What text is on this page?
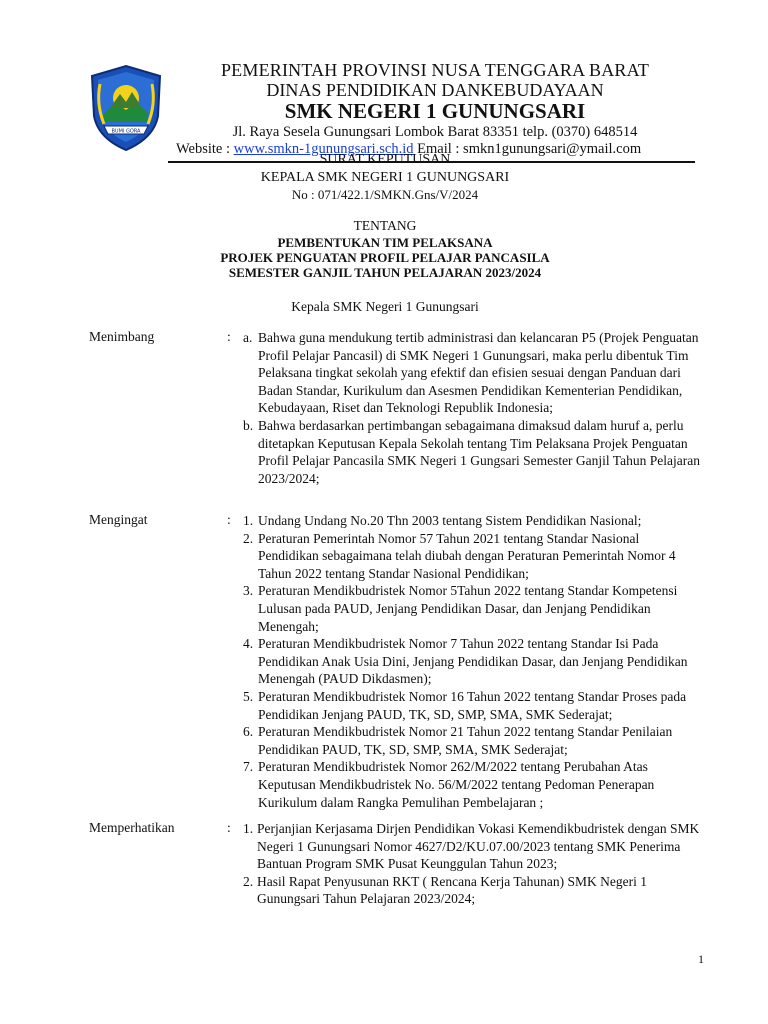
BUMI GORA
PEMERINTAH PROVINSI NUSA TENGGARA BARAT
DINAS PENDIDIKAN DANKEBUDAYAAN
SMK NEGERI 1 GUNUNGSARI
Jl. Raya Sesela Gunungsari Lombok Barat 83351 telp. (0370) 648514
Website : www.smkn-1gunungsari.sch.id Email : smkn1gunungsari@ymail.com
SURAT KEPUTUSAN
KEPALA SMK NEGERI 1 GUNUNGSARI
No : 071/422.1/SMKN.Gns/V/2024
TENTANG
PEMBENTUKAN TIM PELAKSANA
PROJEK PENGUATAN PROFIL PELAJAR PANCASILA
SEMESTER GANJIL TAHUN PELAJARAN 2023/2024
Kepala SMK Negeri 1 Gunungsari
Menimbang	: a. Bahwa guna mendukung tertib administrasi dan kelancaran P5 (Projek Penguatan Profil Pelajar Pancasil) di SMK Negeri 1 Gunungsari, maka perlu dibentuk Tim Pelaksana tingkat sekolah yang efektif dan efisien sesuai dengan Panduan dari Badan Standar, Kurikulum dan Asesmen Pendidikan Kementerian Pendidikan, Kebudayaan, Riset dan Teknologi Republik Indonesia;
b. Bahwa berdasarkan pertimbangan sebagaimana dimaksud dalam huruf a, perlu ditetapkan Keputusan Kepala Sekolah tentang Tim Pelaksana Projek Penguatan Profil Pelajar Pancasila SMK Negeri 1 Gungsari Semester Ganjil Tahun Pelajaran 2023/2024;
Mengingat	: 1. Undang Undang No.20 Thn 2003 tentang Sistem Pendidikan Nasional;
2. Peraturan Pemerintah Nomor 57 Tahun 2021 tentang Standar Nasional Pendidikan sebagaimana telah diubah dengan Peraturan Pemerintah Nomor 4 Tahun 2022 tentang Standar Nasional Pendidikan;
3. Peraturan Mendikbudristek Nomor 5Tahun 2022 tentang Standar Kompetensi Lulusan pada PAUD, Jenjang Pendidikan Dasar, dan Jenjang Pendidikan Menengah;
4. Peraturan Mendikbudristek Nomor 7 Tahun 2022 tentang Standar Isi Pada Pendidikan Anak Usia Dini, Jenjang Pendidikan Dasar, dan Jenjang Pendidikan Menengah (PAUD Dikdasmen);
5. Peraturan Mendikbudristek Nomor 16 Tahun 2022 tentang Standar Proses pada Pendidikan Jenjang PAUD, TK, SD, SMP, SMA, SMK Sederajat;
6. Peraturan Mendikbudristek Nomor 21 Tahun 2022 tentang Standar Penilaian Pendidikan PAUD, TK, SD, SMP, SMA, SMK Sederajat;
7. Peraturan Mendikbudristek Nomor 262/M/2022 tentang Perubahan Atas Keputusan Mendikbudristek No. 56/M/2022 tentang Pedoman Penerapan Kurikulum dalam Rangka Pemulihan Pembelajaran ;
Memperhatikan	: 1. Perjanjian Kerjasama Dirjen Pendidikan Vokasi Kemendikbudristek dengan SMK Negeri 1 Gunungsari Nomor 4627/D2/KU.07.00/2023 tentang SMK Penerima Bantuan Program SMK Pusat Keunggulan Tahun 2023;
2. Hasil Rapat Penyusunan RKT ( Rencana Kerja Tahunan) SMK Negeri 1 Gunungsari Tahun Pelajaran 2023/2024;
1
